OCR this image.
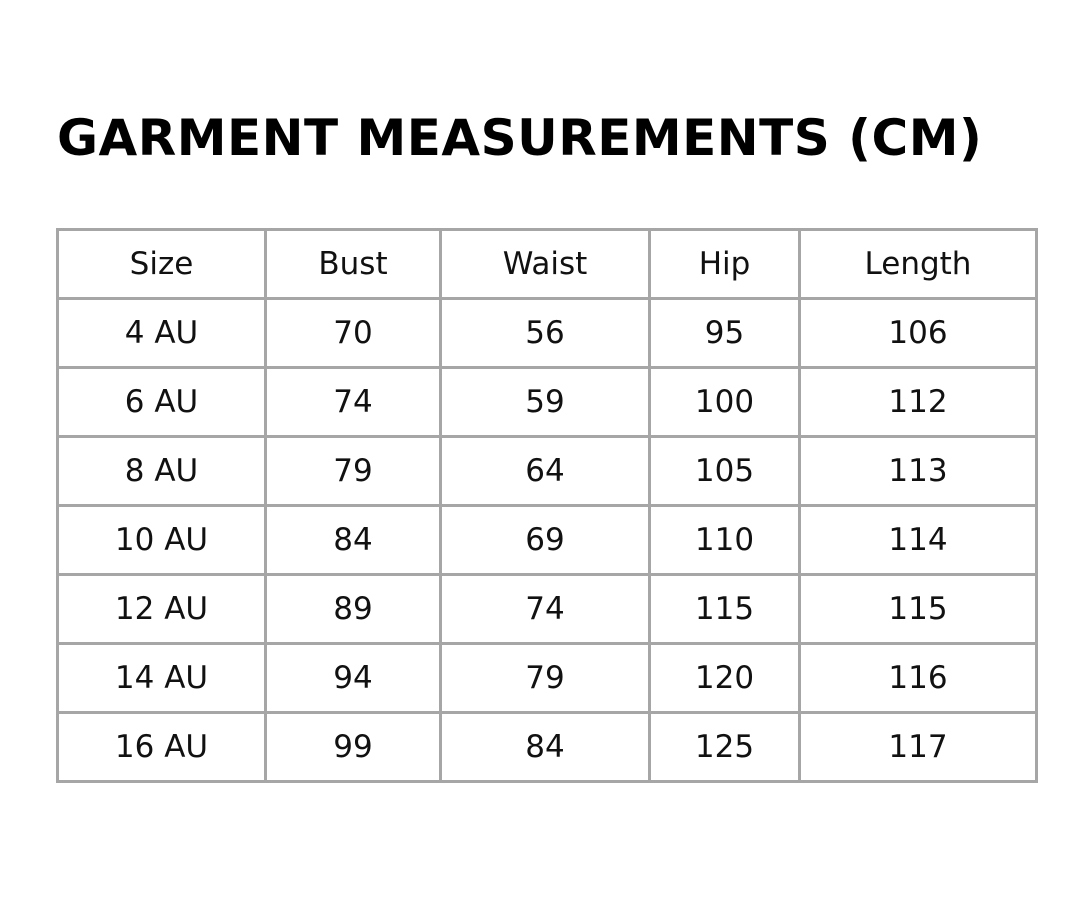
GARMENT MEASUREMENTS (CM)
Size	Bust	Waist	Hip	Length
4 AU	70	56	95	106
6 AU	74	59	100	112
8 AU	79	64	105	113
10 AU	84	69	110	114
12 AU	89	74	115	115
14 AU	94	79	120	116
16 AU	99	84	125	117
